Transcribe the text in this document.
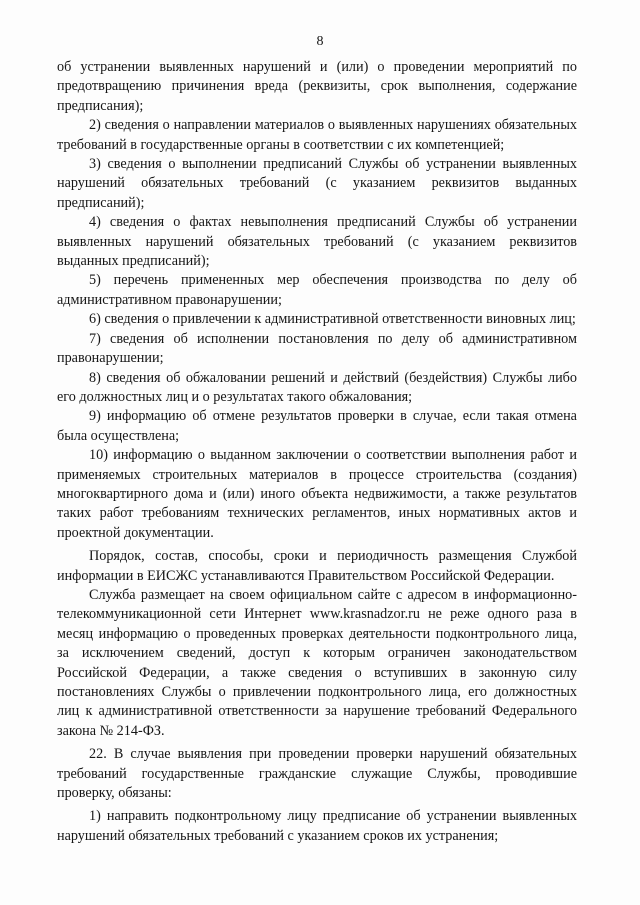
8

об устранении выявленных нарушений и (или) о проведении мероприятий по предотвращению причинения вреда (реквизиты, срок выполнения, содержание предписания);

2) сведения о направлении материалов о выявленных нарушениях обязательных требований в государственные органы в соответствии с их компетенцией;

3) сведения о выполнении предписаний Службы об устранении выявленных нарушений обязательных требований (с указанием реквизитов выданных предписаний);

4) сведения о фактах невыполнения предписаний Службы об устранении выявленных нарушений обязательных требований (с указанием реквизитов выданных предписаний);

5) перечень примененных мер обеспечения производства по делу об административном правонарушении;

6) сведения о привлечении к административной ответственности виновных лиц;

7) сведения об исполнении постановления по делу об административном правонарушении;

8) сведения об обжаловании решений и действий (бездействия) Службы либо его должностных лиц и о результатах такого обжалования;

9) информацию об отмене результатов проверки в случае, если такая отмена была осуществлена;

10) информацию о выданном заключении о соответствии выполнения работ и применяемых строительных материалов в процессе строительства (создания) многоквартирного дома и (или) иного объекта недвижимости, а также результатов таких работ требованиям технических регламентов, иных нормативных актов и проектной документации.

Порядок, состав, способы, сроки и периодичность размещения Службой информации в ЕИСЖС устанавливаются Правительством Российской Федерации.

Служба размещает на своем официальном сайте с адресом в информационно-телекоммуникационной сети Интернет www.krasnadzor.ru не реже одного раза в месяц информацию о проведенных проверках деятельности подконтрольного лица, за исключением сведений, доступ к которым ограничен законодательством Российской Федерации, а также сведения о вступивших в законную силу постановлениях Службы о привлечении подконтрольного лица, его должностных лиц к административной ответственности за нарушение требований Федерального закона № 214-ФЗ.

22. В случае выявления при проведении проверки нарушений обязательных требований государственные гражданские служащие Службы, проводившие проверку, обязаны:

1) направить подконтрольному лицу предписание об устранении выявленных нарушений обязательных требований с указанием сроков их устранения;
